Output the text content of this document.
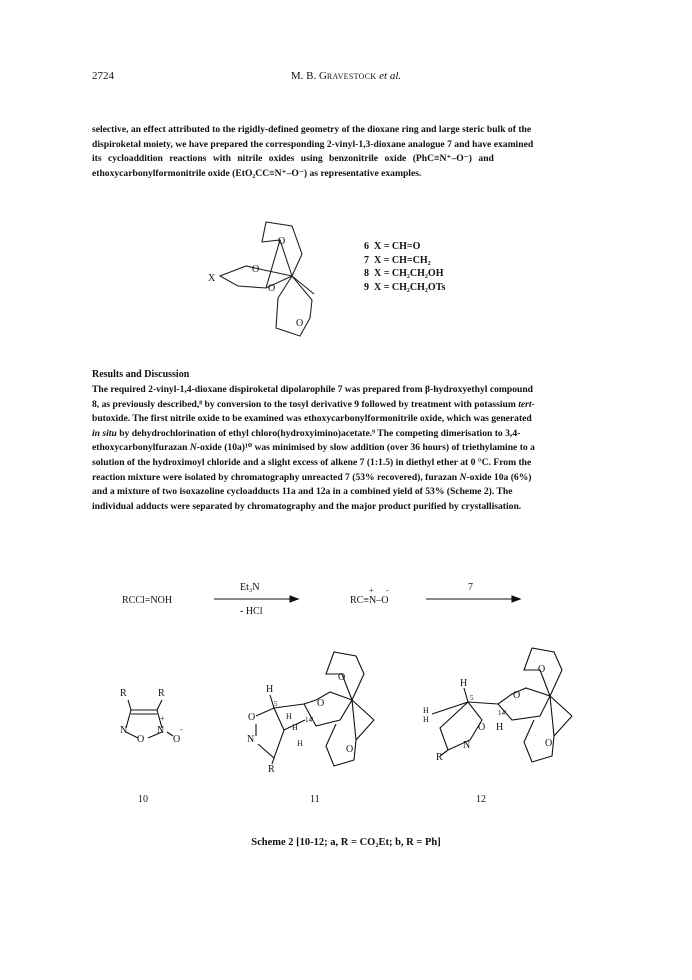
2724	M. B. Gravestock et al.
selective, an effect attributed to the rigidly-defined geometry of the dioxane ring and large steric bulk of the
dispiroketal moiety, we have prepared the corresponding 2-vinyl-1,3-dioxane analogue 7 and have examined
its cycloaddition reactions with nitrile oxides using benzonitrile oxide (PhC≡N⁺–O⁻) and
ethoxycarbonylformonitrile oxide (EtO₂CC≡N⁺–O⁻) as representative examples.
O
O
O
O
X
6 X = CH=O
7 X = CH=CH₂
8 X = CH₂CH₂OH
9 X = CH₂CH₂OTs
Results and Discussion
The required 2-vinyl-1,4-dioxane dispiroketal dipolarophile 7 was prepared from β-hydroxyethyl compound
8, as previously described,⁸ by conversion to the tosyl derivative 9 followed by treatment with potassium tert-
butoxide. The first nitrile oxide to be examined was ethoxycarbonylformonitrile oxide, which was generated
in situ by dehydrochlorination of ethyl chloro(hydroxyimino)acetate.⁹ The competing dimerisation to 3,4-
ethoxycarbonylfurazan N-oxide (10a)¹⁰ was minimised by slow addition (over 36 hours) of triethylamine to a
solution of the hydroximoyl chloride and a slight excess of alkene 7 (1:1.5) in diethyl ether at 0 °C. From the
reaction mixture were isolated by chromatography unreacted 7 (53% recovered), furazan N-oxide 10a (6%)
and a mixture of two isoxazoline cycloadducts 11a and 12a in a combined yield of 53% (Scheme 2). The
individual adducts were separated by chromatography and the major product purified by crystallisation.
RCCl=NOH
Et₃N
- HCl
RC≡N–O
+ -	7
10	11	12
R	R
N	N
O	O
+
-
H
O
N
R
H
H
H
5
14'
O
O
O
H
H
H
O
N
R
H
5
14'
O
O
O
Scheme 2 [10-12; a, R = CO₂Et; b, R = Ph]
